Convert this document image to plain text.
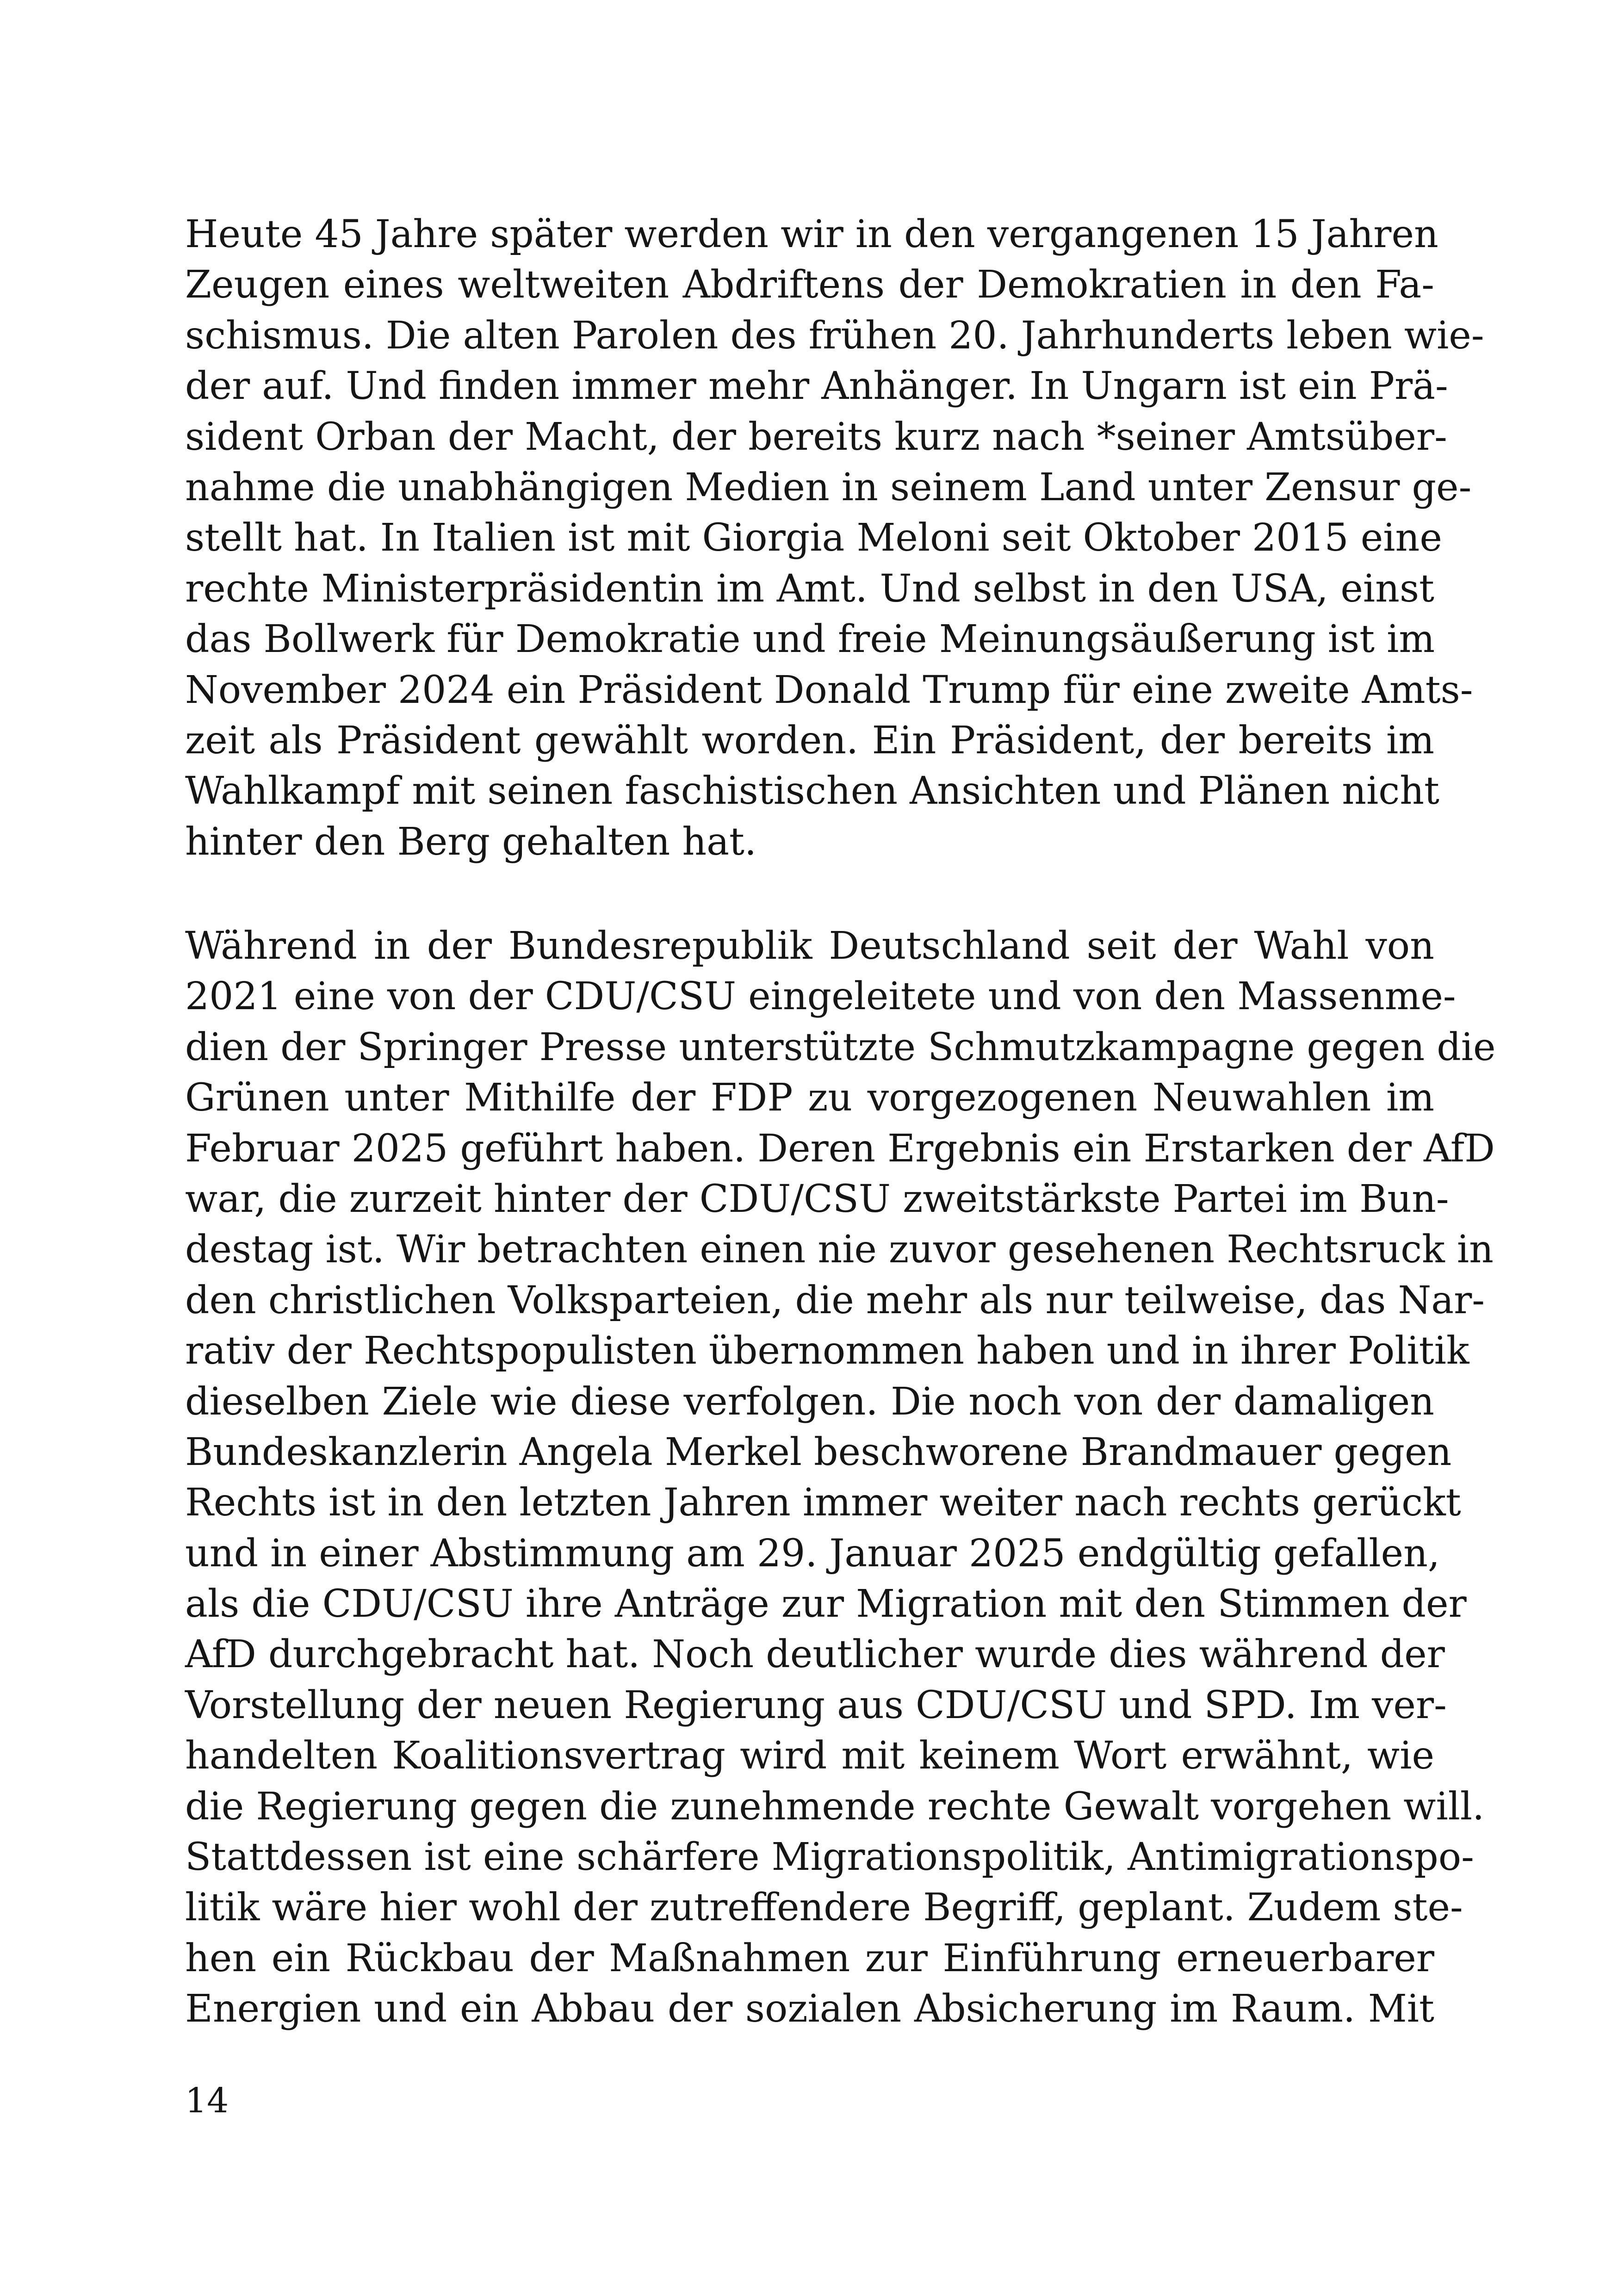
Heute 45 Jahre später werden wir in den vergangenen 15 Jahren
Zeugen eines weltweiten Abdriftens der Demokratien in den Fa-
schismus. Die alten Parolen des frühen 20. Jahrhunderts leben wie-
der auf. Und finden immer mehr Anhänger. In Ungarn ist ein Prä-
sident Orban der Macht, der bereits kurz nach *seiner Amtsüber-
nahme die unabhängigen Medien in seinem Land unter Zensur ge-
stellt hat. In Italien ist mit Giorgia Meloni seit Oktober 2015 eine
rechte Ministerpräsidentin im Amt. Und selbst in den USA, einst
das Bollwerk für Demokratie und freie Meinungsäußerung ist im
November 2024 ein Präsident Donald Trump für eine zweite Amts-
zeit als Präsident gewählt worden. Ein Präsident, der bereits im
Wahlkampf mit seinen faschistischen Ansichten und Plänen nicht
hinter den Berg gehalten hat.
Während in der Bundesrepublik Deutschland seit der Wahl von
2021 eine von der CDU/CSU eingeleitete und von den Massenme-
dien der Springer Presse unterstützte Schmutzkampagne gegen die
Grünen unter Mithilfe der FDP zu vorgezogenen Neuwahlen im
Februar 2025 geführt haben. Deren Ergebnis ein Erstarken der AfD
war, die zurzeit hinter der CDU/CSU zweitstärkste Partei im Bun-
destag ist. Wir betrachten einen nie zuvor gesehenen Rechtsruck in
den christlichen Volksparteien, die mehr als nur teilweise, das Nar-
rativ der Rechtspopulisten übernommen haben und in ihrer Politik
dieselben Ziele wie diese verfolgen. Die noch von der damaligen
Bundeskanzlerin Angela Merkel beschworene Brandmauer gegen
Rechts ist in den letzten Jahren immer weiter nach rechts gerückt
und in einer Abstimmung am 29. Januar 2025 endgültig gefallen,
als die CDU/CSU ihre Anträge zur Migration mit den Stimmen der
AfD durchgebracht hat. Noch deutlicher wurde dies während der
Vorstellung der neuen Regierung aus CDU/CSU und SPD. Im ver-
handelten Koalitionsvertrag wird mit keinem Wort erwähnt, wie
die Regierung gegen die zunehmende rechte Gewalt vorgehen will.
Stattdessen ist eine schärfere Migrationspolitik, Antimigrationspo-
litik wäre hier wohl der zutreffendere Begriff, geplant. Zudem ste-
hen ein Rückbau der Maßnahmen zur Einführung erneuerbarer
Energien und ein Abbau der sozialen Absicherung im Raum. Mit
14
